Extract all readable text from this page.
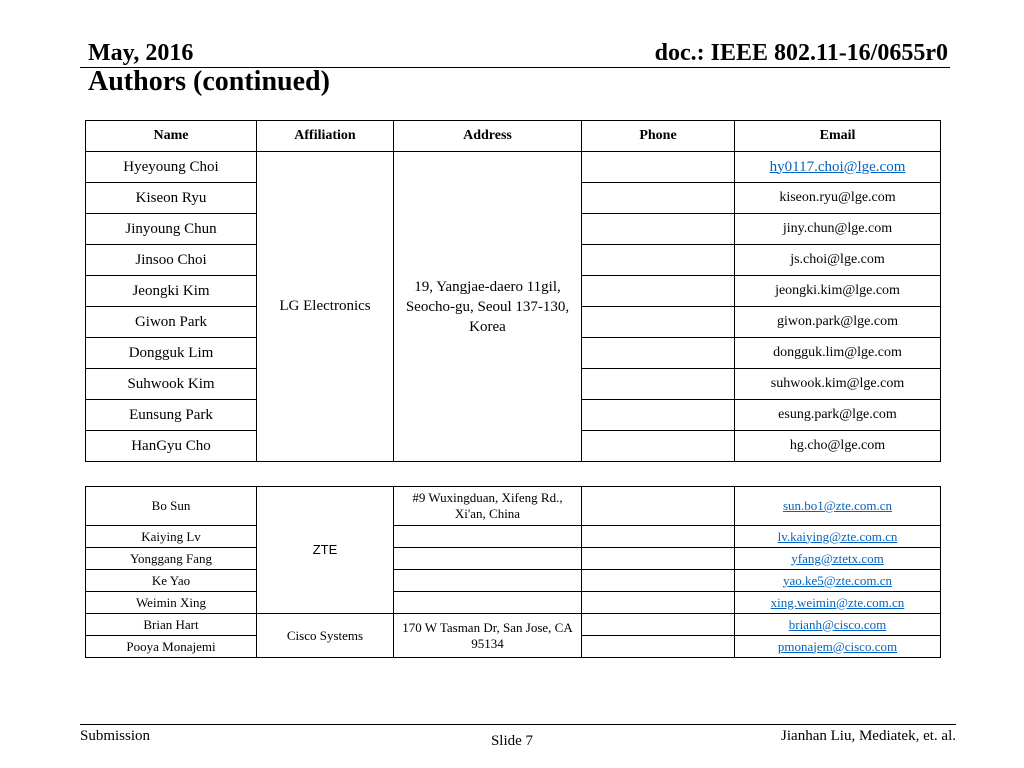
May, 2016	doc.: IEEE 802.11-16/0655r0
Authors (continued)
Name	Affiliation	Address	Phone	Email
Hyeyoung Choi	LG Electronics	19, Yangjae-daero 11gil, Seocho-gu, Seoul 137-130, Korea		hy0117.choi@lge.com
Kiseon Ryu				kiseon.ryu@lge.com
Jinyoung Chun				jiny.chun@lge.com
Jinsoo Choi				js.choi@lge.com
Jeongki Kim				jeongki.kim@lge.com
Giwon Park				giwon.park@lge.com
Dongguk Lim				dongguk.lim@lge.com
Suhwook Kim				suhwook.kim@lge.com
Eunsung Park				esung.park@lge.com
HanGyu Cho				hg.cho@lge.com
Bo Sun	ZTE	#9 Wuxingduan, Xifeng Rd., Xi'an, China		sun.bo1@zte.com.cn
Kaiying Lv				lv.kaiying@zte.com.cn
Yonggang Fang				yfang@ztetx.com
Ke Yao				yao.ke5@zte.com.cn
Weimin Xing				xing.weimin@zte.com.cn
Brian Hart	Cisco Systems	170 W Tasman Dr, San Jose, CA 95134		brianh@cisco.com
Pooya Monajemi				pmonajem@cisco.com
Submission	Slide 7	Jianhan Liu, Mediatek, et. al.
